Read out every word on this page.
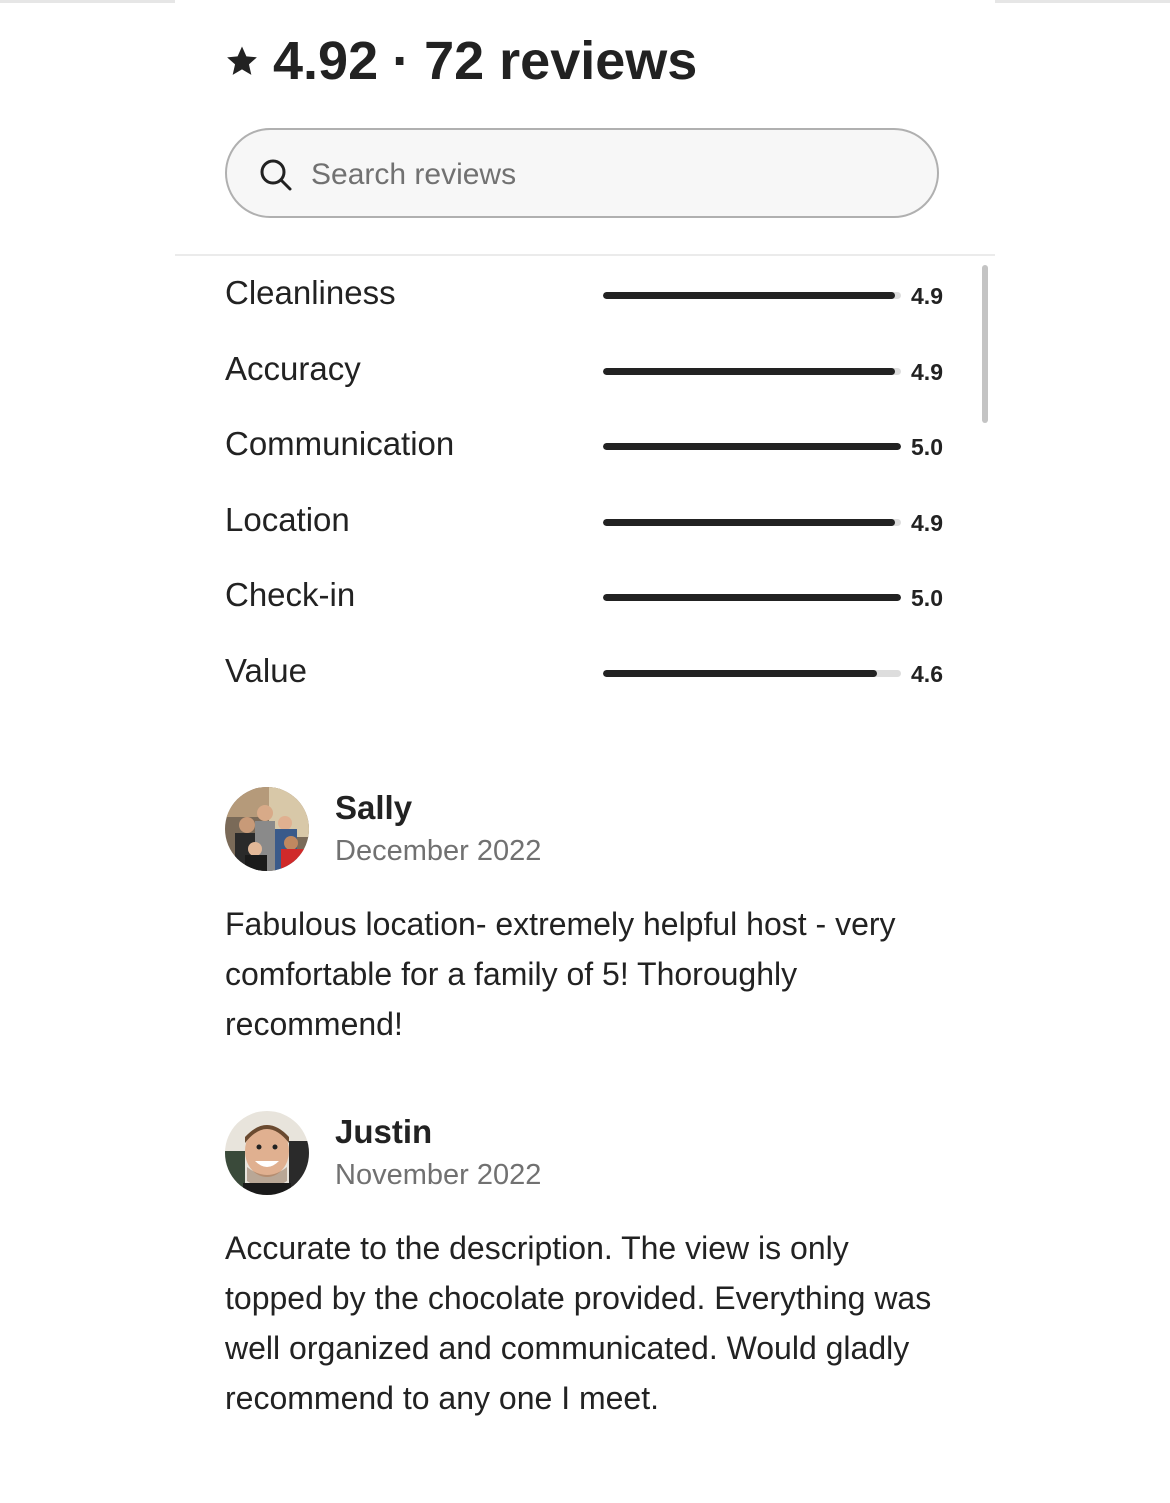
4.92 · 72 reviews
Search reviews
Cleanliness	4.9
Accuracy	4.9
Communication	5.0
Location	4.9
Check-in	5.0
Value	4.6
Sally
December 2022
Fabulous location- extremely helpful host - very comfortable for a family of 5! Thoroughly recommend!
Justin
November 2022
Accurate to the description. The view is only topped by the chocolate provided. Everything was well organized and communicated. Would gladly recommend to any one I meet.
